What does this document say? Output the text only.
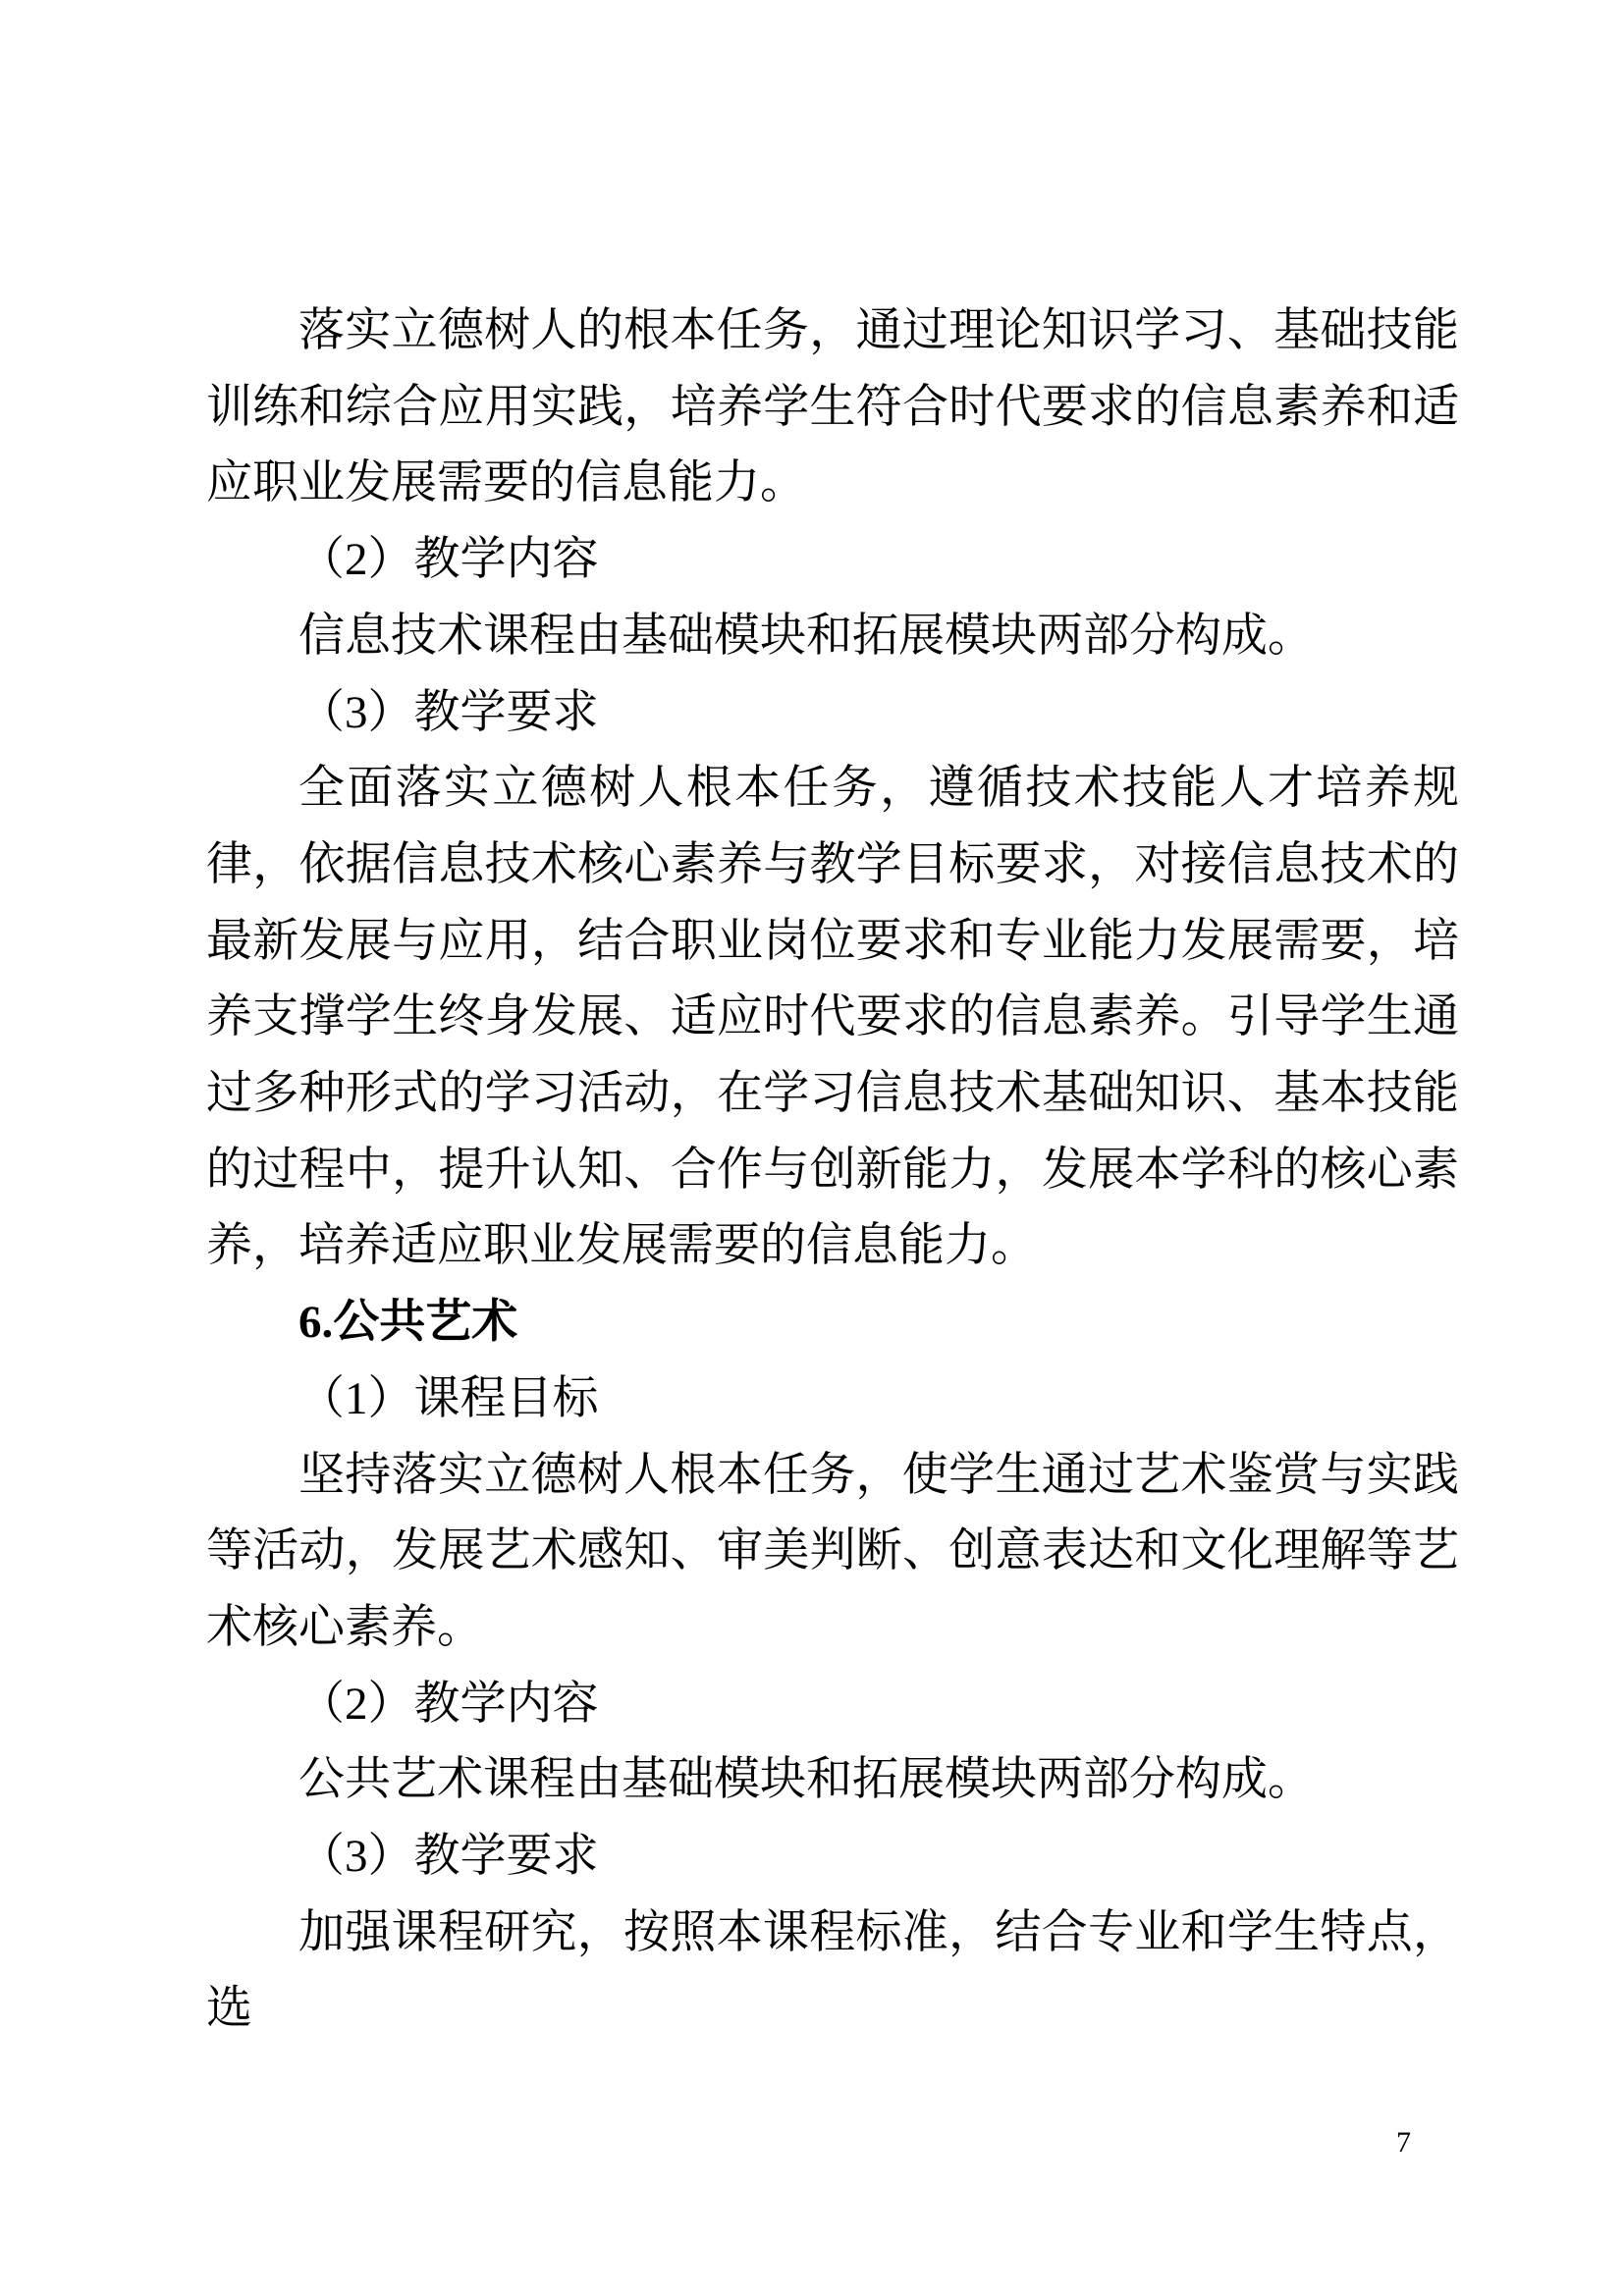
落实立德树人的根本任务，通过理论知识学习、基础技能训练和综合应用实践，培养学生符合时代要求的信息素养和适应职业发展需要的信息能力。

（2）教学内容

信息技术课程由基础模块和拓展模块两部分构成。

（3）教学要求

全面落实立德树人根本任务，遵循技术技能人才培养规律，依据信息技术核心素养与教学目标要求，对接信息技术的最新发展与应用，结合职业岗位要求和专业能力发展需要，培养支撑学生终身发展、适应时代要求的信息素养。引导学生通过多种形式的学习活动，在学习信息技术基础知识、基本技能的过程中，提升认知、合作与创新能力，发展本学科的核心素养，培养适应职业发展需要的信息能力。

6.公共艺术

（1）课程目标

坚持落实立德树人根本任务，使学生通过艺术鉴赏与实践等活动，发展艺术感知、审美判断、创意表达和文化理解等艺术核心素养。

（2）教学内容

公共艺术课程由基础模块和拓展模块两部分构成。

（3）教学要求

加强课程研究，按照本课程标准，结合专业和学生特点，选

7
